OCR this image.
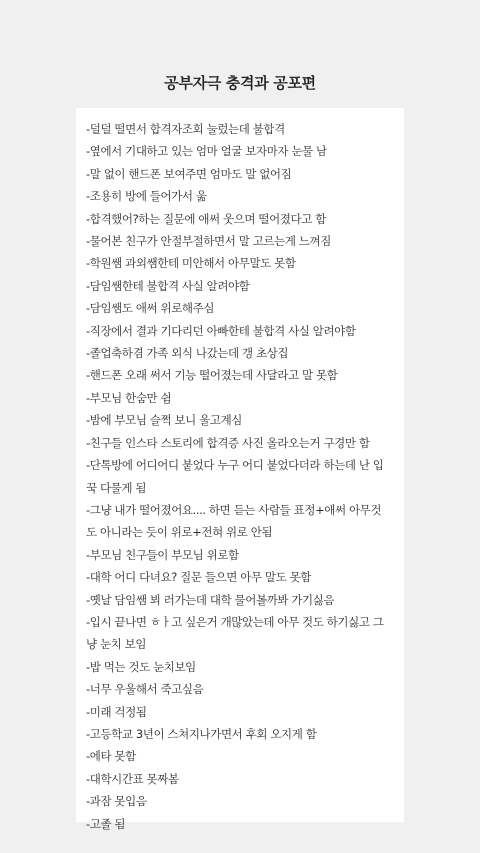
공부자극 충격과 공포편
-덜덜 떨면서 합격자조회 눌렀는데 불합격
-옆에서 기대하고 있는 엄마 얼굴 보자마자 눈물 남
-말 없이 핸드폰 보여주면 엄마도 말 없어짐
-조용히 방에 들어가서 욺
-합격했어?하는 질문에 애써 웃으며 떨어졌다고 함
-물어본 친구가 안절부절하면서 말 고르는게 느껴짐
-학원쌤 과외쌤한테 미안해서 아무말도 못함
-담임쌤한테 불합격 사실 알려야함
-담임쌤도 애써 위로해주심
-직장에서 결과 기다리던 아빠한테 불합격 사실 알려야함
-졸업축하겸 가족 외식 나갔는데 갱 초상집
-핸드폰 오래 써서 기능 떨어졌는데 사달라고 말 못함
-부모님 한숨만 쉼
-밤에 부모님 슬쩍 보니 울고계심
-친구들 인스타 스토리에 합격증 사진 올라오는거 구경만 함
-단톡방에 어디어디 붙었다 누구 어디 붙었다더라 하는데 난 입
꾹 다물게 됨
-그냥 내가 떨어졌어요.... 하면 듣는 사람들 표정+애써 아무것
도 아니라는 듯이 위로+전혀 위로 안됨
-부모님 친구들이 부모님 위로함
-대학 어디 다녀요? 질문 들으면 아무 말도 못함
-옛날 담임쌤 뵈 러가는데 대학 물어볼까봐 가기싫음
-입시 끝나면 ㅎㅏ고 싶은거 개많았는데 아무 것도 하기싫고 그
냥 눈치 보임
-밥 먹는 것도 눈치보임
-너무 우울해서 죽고싶음
-미래 걱정됨
-고등학교 3년이 스쳐지나가면서 후회 오지게 함
-에타 못함
-대학시간표 못짜봄
-과잠 못입음
-고졸 됨
